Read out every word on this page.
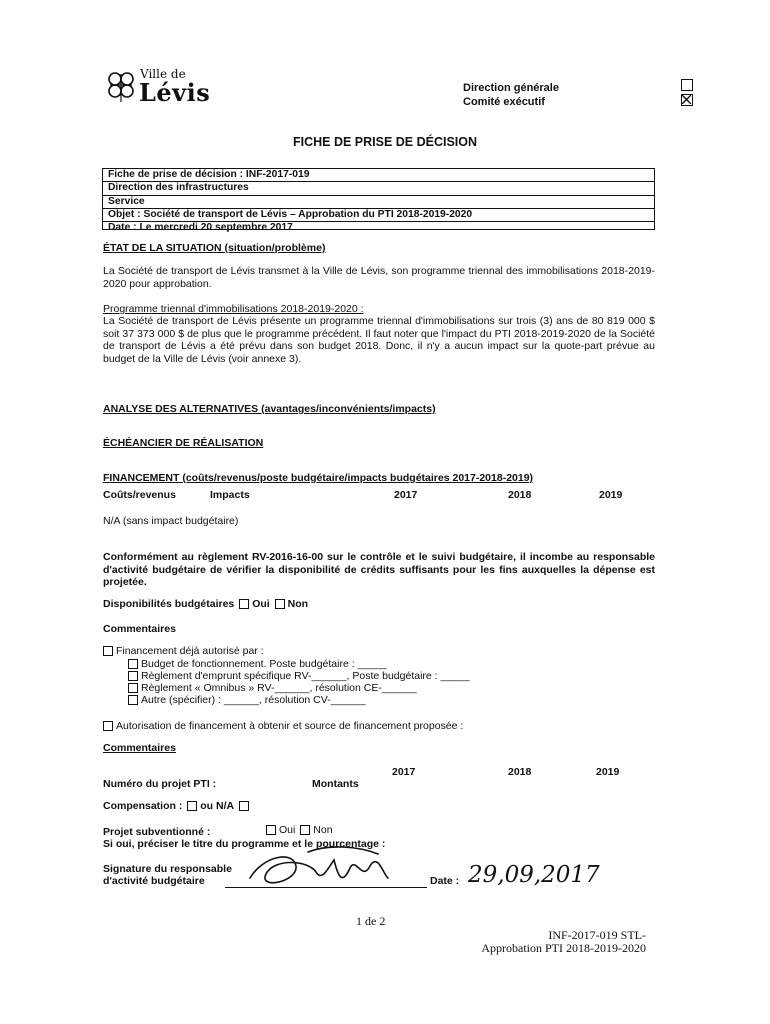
Ville de
Lévis	Direction générale
Comité exécutif
FICHE DE PRISE DE DÉCISION
Fiche de prise de décision : INF-2017-019
Direction des infrastructures
Service
Objet : Société de transport de Lévis – Approbation du PTI 2018-2019-2020
Date : Le mercredi 20 septembre 2017
ÉTAT DE LA SITUATION (situation/problème)
La Société de transport de Lévis transmet à la Ville de Lévis, son programme triennal des immobilisations 2018-2019-2020 pour approbation.
Programme triennal d'immobilisations 2018-2019-2020 :
La Société de transport de Lévis présente un programme triennal d'immobilisations sur trois (3) ans de 80 819 000 $ soit 37 373 000 $ de plus que le programme précédent. Il faut noter que l'impact du PTI 2018-2019-2020 de la Société de transport de Lévis a été prévu dans son budget 2018. Donc, il n'y a aucun impact sur la quote-part prévue au budget de la Ville de Lévis (voir annexe 3).
ANALYSE DES ALTERNATIVES (avantages/inconvénients/impacts)
ÉCHÉANCIER DE RÉALISATION
FINANCEMENT (coûts/revenus/poste budgétaire/impacts budgétaires 2017-2018-2019)
Coûts/revenus	Impacts	2017	2018	2019
N/A (sans impact budgétaire)
Conformément au règlement RV-2016-16-00 sur le contrôle et le suivi budgétaire, il incombe au responsable d'activité budgétaire de vérifier la disponibilité de crédits suffisants pour les fins auxquelles la dépense est projetée.
Disponibilités budgétaires Oui Non
Commentaires
Financement déjà autorisé par :
Budget de fonctionnement. Poste budgétaire : _____
Règlement d'emprunt spécifique RV-______, Poste budgétaire : _____
Règlement « Omnibus » RV-______, résolution CE-______
Autre (spécifier) : ______, résolution CV-______
Autorisation de financement à obtenir et source de financement proposée :
Commentaires
2017	2018	2019
Numéro du projet PTI :	Montants
Compensation : ou N/A
Projet subventionné :	Oui Non
Si oui, préciser le titre du programme et le pourcentage :
Signature du responsable
d'activité budgétaire	Date : 29,09,2017
1 de 2
INF-2017-019 STL-
Approbation PTI 2018-2019-2020
